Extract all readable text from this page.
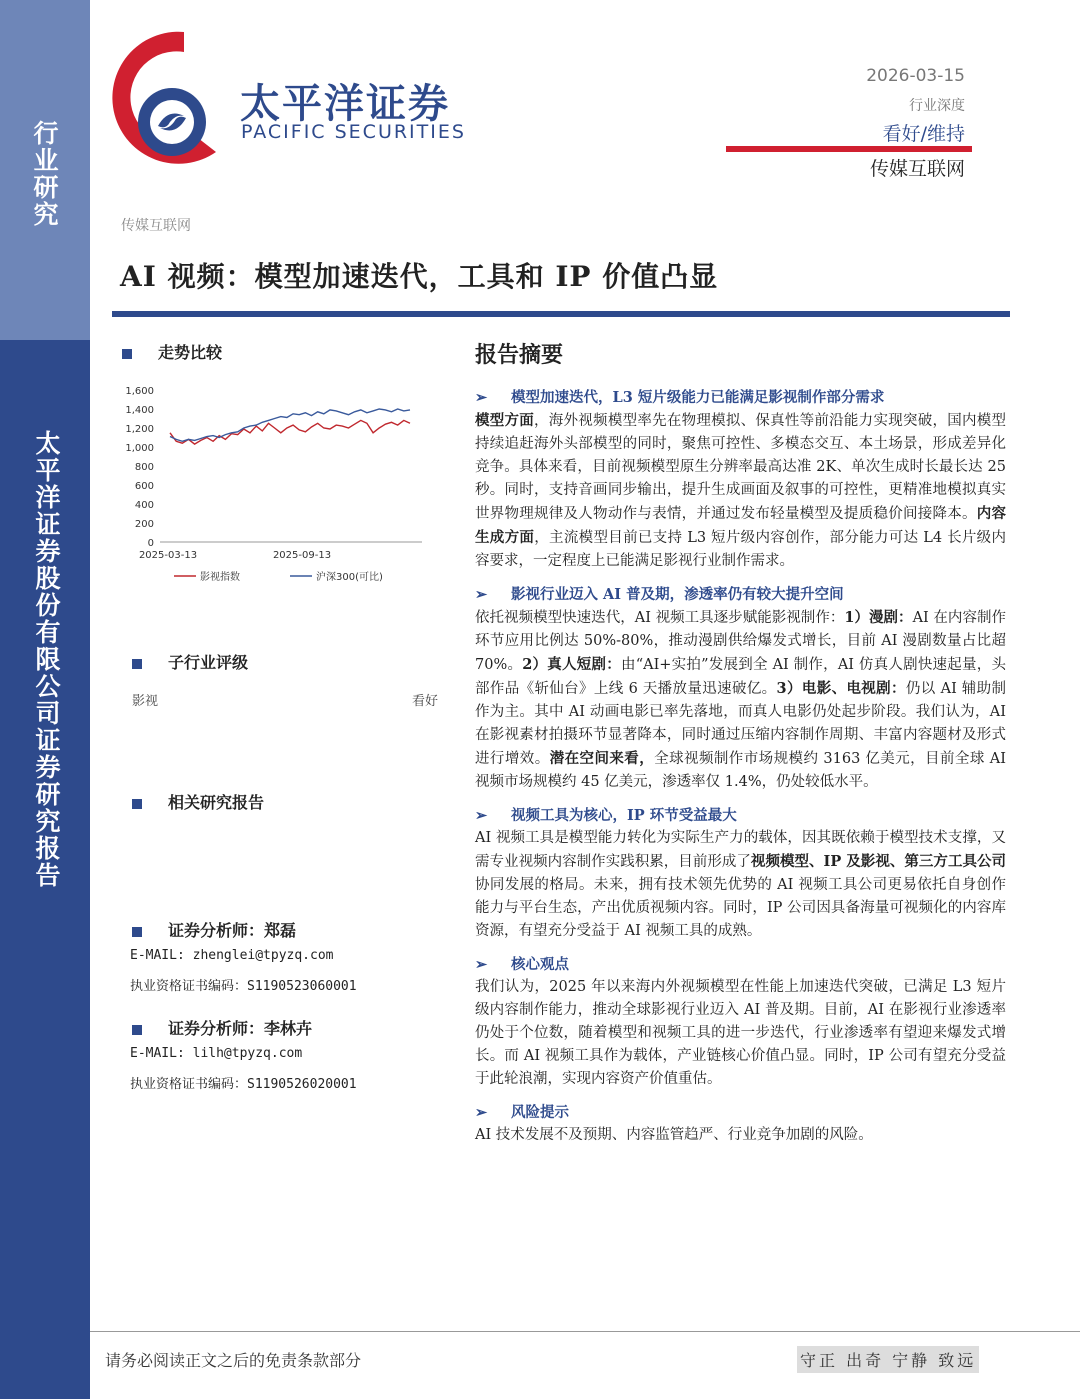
行业研究
太平洋证券股份有限公司证券研究报告
太平洋证券
PACIFIC SECURITIES
2026-03-15
行业深度
看好/维持
传媒互联网
传媒互联网
AI 视频：模型加速迭代，工具和 IP 价值凸显
走势比较
1,600
1,400
1,200
1,000
800
600
400
200
0
2025-03-13	2025-09-13
影视指数	沪深300(可比)
子行业评级
影视	看好
相关研究报告
证券分析师：郑磊
E-MAIL: zhenglei@tpyzq.com
执业资格证书编码：S1190523060001
证券分析师：李林卉
E-MAIL: lilh@tpyzq.com
执业资格证书编码：S1190526020001
报告摘要
➢ 模型加速迭代，L3 短片级能力已能满足影视制作部分需求

模型方面，海外视频模型率先在物理模拟、保真性等前沿能力实现突破，国内模型持续追赶海外头部模型的同时，聚焦可控性、多模态交互、本土场景，形成差异化竞争。具体来看，目前视频模型原生分辨率最高达准 2K、单次生成时长最长达 25 秒。同时，支持音画同步输出，提升生成画面及叙事的可控性，更精准地模拟真实世界物理规律及人物动作与表情，并通过发布轻量模型及提质稳价间接降本。内容生成方面，主流模型目前已支持 L3 短片级内容创作，部分能力可达 L4 长片级内容要求，一定程度上已能满足影视行业制作需求。

➢ 影视行业迈入 AI 普及期，渗透率仍有较大提升空间

依托视频模型快速迭代，AI 视频工具逐步赋能影视制作：1）漫剧：AI 在内容制作环节应用比例达 50%-80%，推动漫剧供给爆发式增长，目前 AI 漫剧数量占比超 70%。2）真人短剧：由“AI+实拍”发展到全 AI 制作，AI 仿真人剧快速起量，头部作品《斩仙台》上线 6 天播放量迅速破亿。3）电影、电视剧：仍以 AI 辅助制作为主。其中 AI 动画电影已率先落地，而真人电影仍处起步阶段。我们认为，AI 在影视素材拍摄环节显著降本，同时通过压缩内容制作周期、丰富内容题材及形式进行增效。潜在空间来看，全球视频制作市场规模约 3163 亿美元，目前全球 AI 视频市场规模约 45 亿美元，渗透率仅 1.4%，仍处较低水平。

➢ 视频工具为核心，IP 环节受益最大

AI 视频工具是模型能力转化为实际生产力的载体，因其既依赖于模型技术支撑，又需专业视频内容制作实践积累，目前形成了视频模型、IP 及影视、第三方工具公司协同发展的格局。未来，拥有技术领先优势的 AI 视频工具公司更易依托自身创作能力与平台生态，产出优质视频内容。同时，IP 公司因具备海量可视频化的内容库资源，有望充分受益于 AI 视频工具的成熟。

➢ 核心观点

我们认为，2025 年以来海内外视频模型在性能上加速迭代突破，已满足 L3 短片级内容制作能力，推动全球影视行业迈入 AI 普及期。目前，AI 在影视行业渗透率仍处于个位数，随着模型和视频工具的进一步迭代，行业渗透率有望迎来爆发式增长。而 AI 视频工具作为载体，产业链核心价值凸显。同时，IP 公司有望充分受益于此轮浪潮，实现内容资产价值重估。

➢ 风险提示

AI 技术发展不及预期、内容监管趋严、行业竞争加剧的风险。

请务必阅读正文之后的免责条款部分	守正 出奇 宁静 致远
